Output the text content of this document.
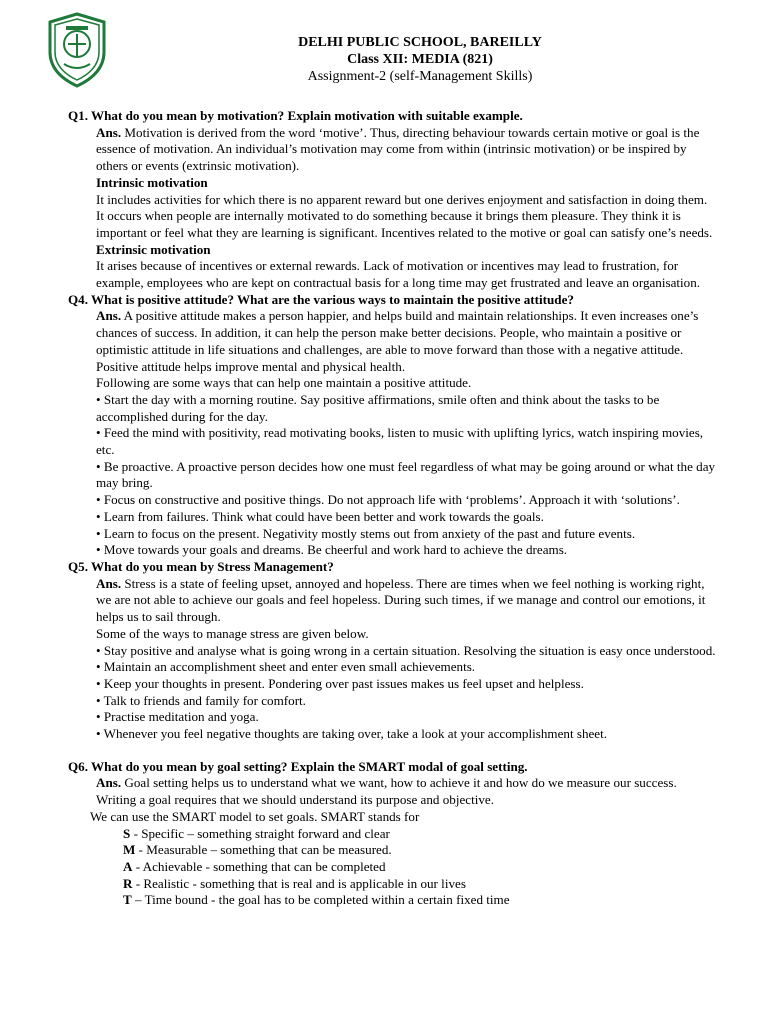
DELHI PUBLIC SCHOOL, BAREILLY
Class XII: MEDIA (821)
Assignment-2 (self-Management Skills)

Q1. What do you mean by motivation? Explain motivation with suitable example.

Ans. Motivation is derived from the word ‘motive’. Thus, directing behaviour towards certain motive or goal is the essence of motivation. An individual’s motivation may come from within (intrinsic motivation) or be inspired by others or events (extrinsic motivation).

Intrinsic motivation

It includes activities for which there is no apparent reward but one derives enjoyment and satisfaction in doing them. It occurs when people are internally motivated to do something because it brings them pleasure. They think it is important or feel what they are learning is significant. Incentives related to the motive or goal can satisfy one’s needs.

Extrinsic motivation

It arises because of incentives or external rewards. Lack of motivation or incentives may lead to frustration, for example, employees who are kept on contractual basis for a long time may get frustrated and leave an organisation.

Q4. What is positive attitude? What are the various ways to maintain the positive attitude?

Ans. A positive attitude makes a person happier, and helps build and maintain relationships. It even increases one’s chances of success. In addition, it can help the person make better decisions. People, who maintain a positive or optimistic attitude in life situations and challenges, are able to move forward than those with a negative attitude. Positive attitude helps improve mental and physical health.

Following are some ways that can help one maintain a positive attitude.

• Start the day with a morning routine. Say positive affirmations, smile often and think about the tasks to be accomplished during for the day.

• Feed the mind with positivity, read motivating books, listen to music with uplifting lyrics, watch inspiring movies, etc.

• Be proactive. A proactive person decides how one must feel regardless of what may be going around or what the day may bring.

• Focus on constructive and positive things. Do not approach life with ‘problems’. Approach it with ‘solutions’.

• Learn from failures. Think what could have been better and work towards the goals.

• Learn to focus on the present. Negativity mostly stems out from anxiety of the past and future events.

• Move towards your goals and dreams. Be cheerful and work hard to achieve the dreams.

Q5. What do you mean by Stress Management?

Ans. Stress is a state of feeling upset, annoyed and hopeless. There are times when we feel nothing is working right, we are not able to achieve our goals and feel hopeless. During such times, if we manage and control our emotions, it helps us to sail through.

Some of the ways to manage stress are given below.

• Stay positive and analyse what is going wrong in a certain situation. Resolving the situation is easy once understood.

• Maintain an accomplishment sheet and enter even small achievements.

• Keep your thoughts in present. Pondering over past issues makes us feel upset and helpless.

• Talk to friends and family for comfort.

• Practise meditation and yoga.

• Whenever you feel negative thoughts are taking over, take a look at your accomplishment sheet.

Q6. What do you mean by goal setting? Explain the SMART modal of goal setting.

Ans. Goal setting helps us to understand what we want, how to achieve it and how do we measure our success. Writing a goal requires that we should understand its purpose and objective.

We can use the SMART model to set goals. SMART stands for

S - Specific – something straight forward and clear

M - Measurable – something that can be measured.

A - Achievable - something that can be completed

R - Realistic - something that is real and is applicable in our lives

T – Time bound - the goal has to be completed within a certain fixed time
